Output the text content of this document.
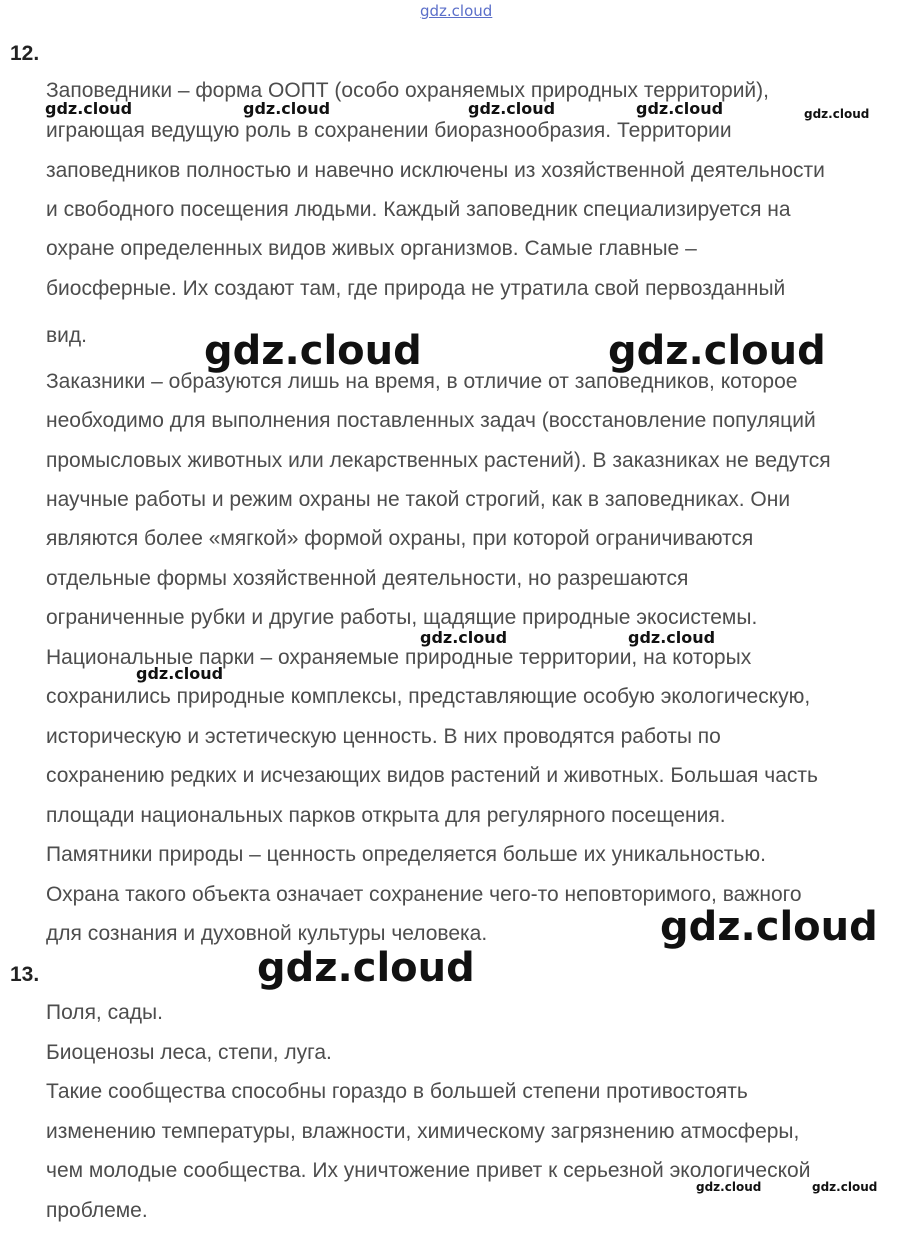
gdz.cloud
12.
Заповедники – форма ООПТ (особо охраняемых природных территорий),
играющая ведущую роль в сохранении биоразнообразия. Территории
заповедников полностью и навечно исключены из хозяйственной деятельности
и свободного посещения людьми. Каждый заповедник специализируется на
охране определенных видов живых организмов. Самые главные –
биосферные. Их создают там, где природа не утратила свой первозданный
вид.
Заказники – образуются лишь на время, в отличие от заповедников, которое
необходимо для выполнения поставленных задач (восстановление популяций
промысловых животных или лекарственных растений). В заказниках не ведутся
научные работы и режим охраны не такой строгий, как в заповедниках. Они
являются более «мягкой» формой охраны, при которой ограничиваются
отдельные формы хозяйственной деятельности, но разрешаются
ограниченные рубки и другие работы, щадящие природные экосистемы.
Национальные парки – охраняемые природные территории, на которых
сохранились природные комплексы, представляющие особую экологическую,
историческую и эстетическую ценность. В них проводятся работы по
сохранению редких и исчезающих видов растений и животных. Большая часть
площади национальных парков открыта для регулярного посещения.
Памятники природы – ценность определяется больше их уникальностью.
Охрана такого объекта означает сохранение чего-то неповторимого, важного
для сознания и духовной культуры человека.
13.
Поля, сады.
Биоценозы леса, степи, луга.
Такие сообщества способны гораздо в большей степени противостоять
изменению температуры, влажности, химическому загрязнению атмосферы,
чем молодые сообщества. Их уничтожение привет к серьезной экологической
проблеме.
gdz.cloud	gdz.cloud	gdz.cloud	gdz.cloud	gdz.cloud
gdz.cloud	gdz.cloud
gdz.cloud	gdz.cloud
gdz.cloud
gdz.cloud
gdz.cloud
gdz.cloud	gdz.cloud
